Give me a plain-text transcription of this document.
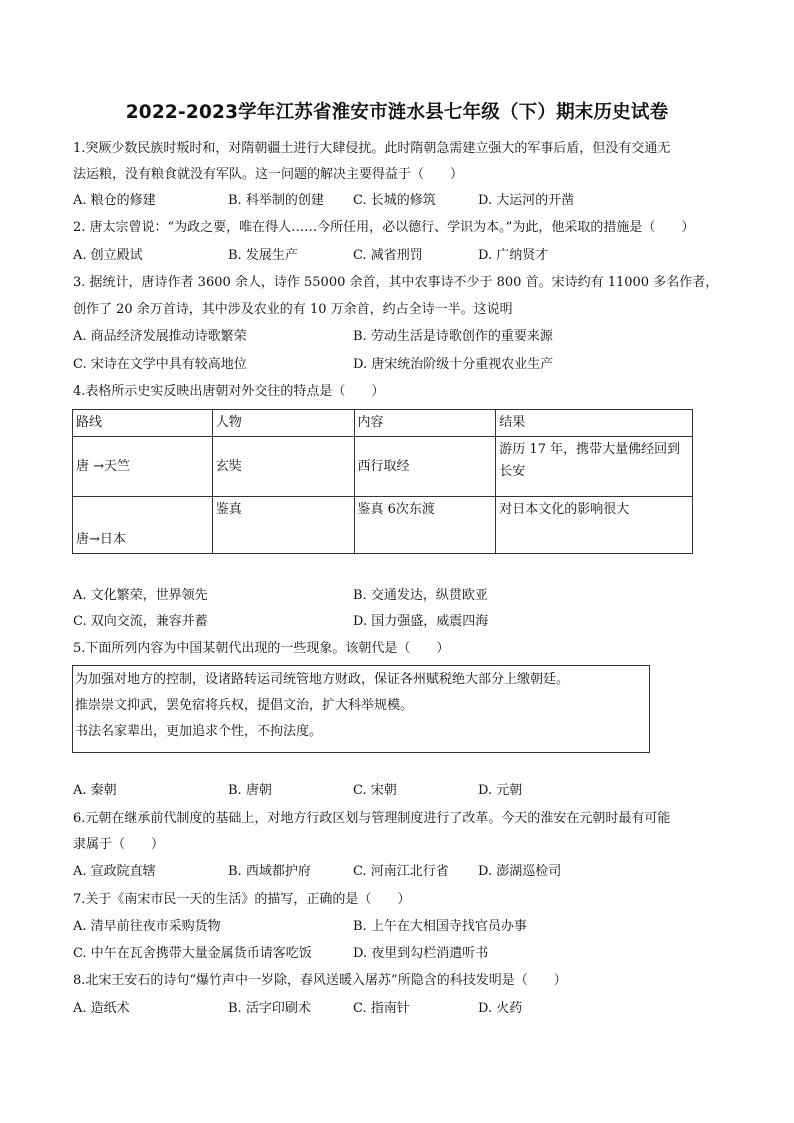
2022-2023学年江苏省淮安市涟水县七年级（下）期末历史试卷
1.突厥少数民族时叛时和，对隋朝疆土进行大肆侵扰。此时隋朝急需建立强大的军事后盾，但没有交通无
法运粮，没有粮食就没有军队。这一问题的解决主要得益于（　　）
A. 粮仓的修建	B. 科举制的创建 C. 长城的修筑	D. 大运河的开凿
2. 唐太宗曾说：“为政之要，唯在得人……今所任用，必以德行、学识为本。”为此，他采取的措施是（　　）
A. 创立殿试	B. 发展生产	C. 减省刑罚	D. 广纳贤才
3. 据统计，唐诗作者 3600 余人，诗作 55000 余首，其中农事诗不少于 800 首。宋诗约有 11000 多名作者，
创作了 20 余万首诗，其中涉及农业的有 10 万余首，约占全诗一半。这说明
A. 商品经济发展推动诗歌繁荣	B. 劳动生活是诗歌创作的重要来源
C. 宋诗在文学中具有较高地位	D. 唐宋统治阶级十分重视农业生产
4.表格所示史实反映出唐朝对外交往的特点是（　　）
路线	人物	内容	结果
唐 →天竺	玄奘	西行取经	游历 17 年，携带大量佛经回到
长安

唐→日本	鉴真	鉴真 6次东渡	对日本文化的影响很大
A. 文化繁荣，世界领先	B. 交通发达，纵贯欧亚
C. 双向交流，兼容并蓄	D. 国力强盛，威震四海
5.下面所列内容为中国某朝代出现的一些现象。该朝代是（　　）
为加强对地方的控制，设诸路转运司统管地方财政，保证各州赋税绝大部分上缴朝廷。
推崇崇文抑武，罢免宿将兵权，提倡文治，扩大科举规模。
书法名家辈出，更加追求个性，不拘法度。
A. 秦朝	B. 唐朝	C. 宋朝	D. 元朝
6.元朝在继承前代制度的基础上，对地方行政区划与管理制度进行了改革。今天的淮安在元朝时最有可能
隶属于（　　）
A. 宣政院直辖	B. 西域都护府	C. 河南江北行省 D. 澎湖巡检司
7.关于《南宋市民一天的生活》的描写，正确的是（　　）
A. 清早前往夜市采购货物	B. 上午在大相国寺找官员办事
C. 中午在瓦舍携带大量金属货币请客吃饭	D. 夜里到勾栏消遣听书
8.北宋王安石的诗句“爆竹声中一岁除，春风送暖入屠苏”所隐含的科技发明是（　　）
A. 造纸术	B. 活字印刷术	C. 指南针	D. 火药
